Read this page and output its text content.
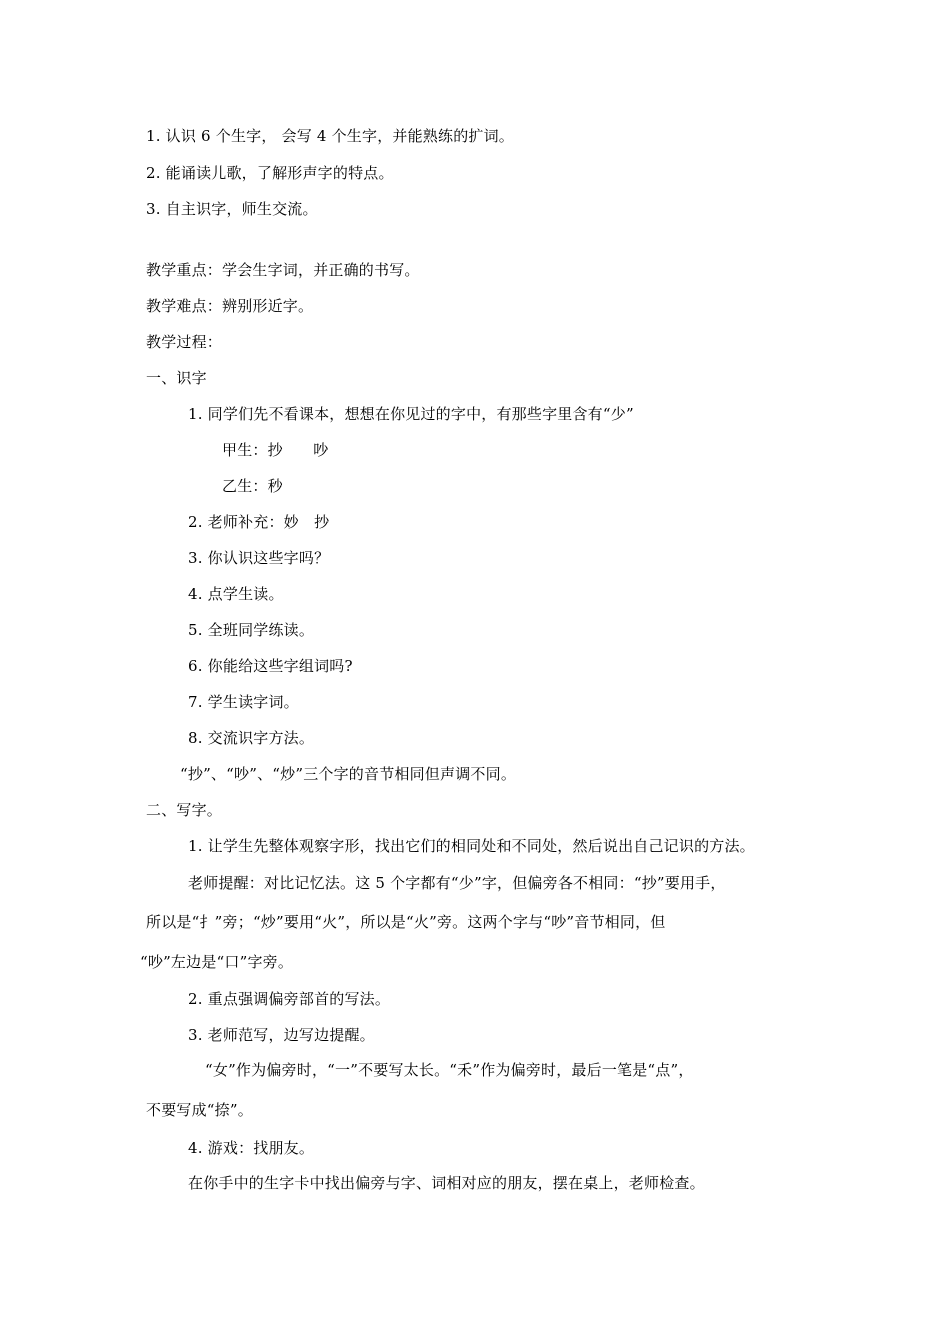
1. 认识 6 个生字， 会写 4 个生字，并能熟练的扩词。
2. 能诵读儿歌，了解形声字的特点。
3. 自主识字，师生交流。
教学重点：学会生字词，并正确的书写。
教学难点：辨别形近字。
教学过程：
一、识字
1. 同学们先不看课本，想想在你见过的字中，有那些字里含有“少”
甲生：抄　　吵
乙生：秒
2. 老师补充：妙　抄
3. 你认识这些字吗？
4. 点学生读。
5. 全班同学练读。
6. 你能给这些字组词吗?
7. 学生读字词。
8. 交流识字方法。
“抄”、“吵”、“炒”三个字的音节相同但声调不同。
二、写字。
1. 让学生先整体观察字形，找出它们的相同处和不同处，然后说出自己记识的方法。
老师提醒：对比记忆法。这 5 个字都有“少”字，但偏旁各不相同：“抄”要用手，
所以是“扌”旁；“炒”要用“火”，所以是“火”旁。这两个字与“吵”音节相同，但
“吵”左边是“口”字旁。
2. 重点强调偏旁部首的写法。
3. 老师范写，边写边提醒。
“女”作为偏旁时，“一”不要写太长。“禾”作为偏旁时，最后一笔是“点”，
不要写成“捺”。
4. 游戏：找朋友。
在你手中的生字卡中找出偏旁与字、词相对应的朋友，摆在桌上，老师检查。
